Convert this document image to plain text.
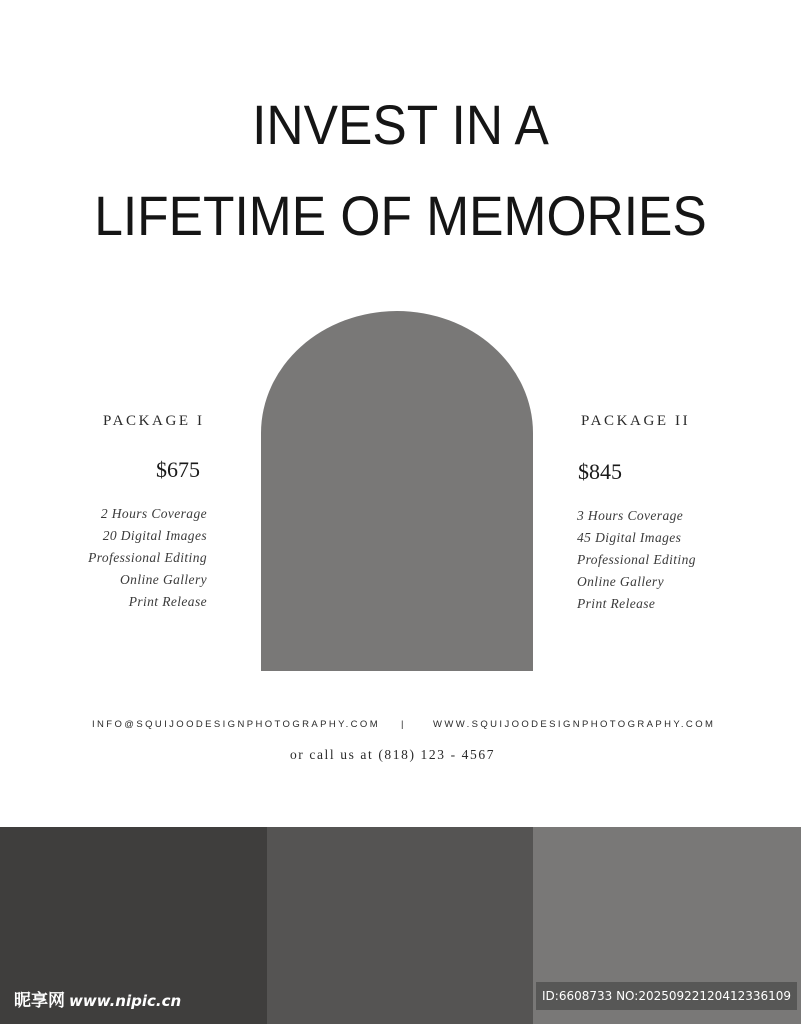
INVEST IN A
LIFETIME OF MEMORIES
PACKAGE I
$675
2 Hours Coverage
20 Digital Images
Professional Editing
Online Gallery
Print Release
PACKAGE II
$845
3 Hours Coverage
45 Digital Images
Professional Editing
Online Gallery
Print Release
INFO@SQUIJOODESIGNPHOTOGRAPHY.COM |	WWW.SQUIJOODESIGNPHOTOGRAPHY.COM
or call us at (818) 123 - 4567
昵享网 www.nipic.cn	ID:6608733 NO:20250922120412336109
